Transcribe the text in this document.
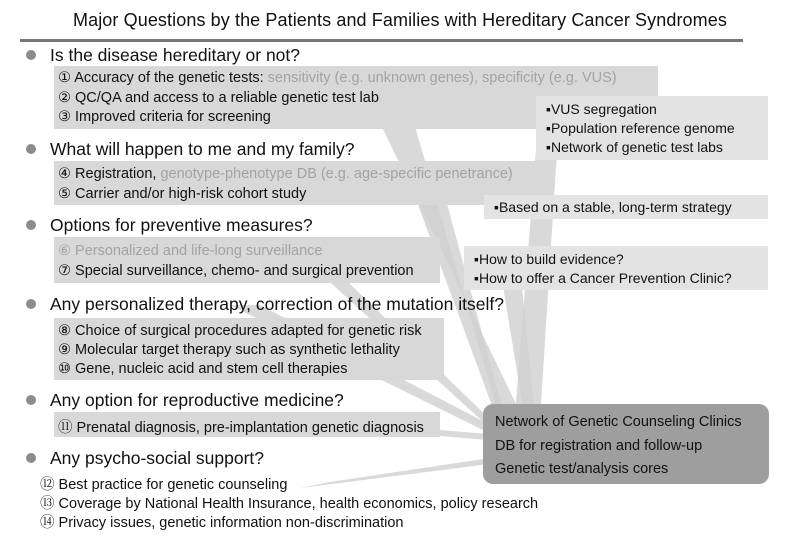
Major Questions by the Patients and Families with Hereditary Cancer Syndromes
Is the disease hereditary or not?
① Accuracy of the genetic tests: sensitivity (e.g. unknown genes), specificity (e.g. VUS)
② QC/QA and access to a reliable genetic test lab
③ Improved criteria for screening	▪VUS segregation
▪Population reference genome
▪Network of genetic test labs
What will happen to me and my family?
④ Registration, genotype-phenotype DB (e.g. age-specific penetrance)
⑤ Carrier and/or high-risk cohort study
▪Based on a stable, long-term strategy
Options for preventive measures?
⑥ Personalized and life-long surveillance
⑦ Special surveillance, chemo- and surgical prevention
▪How to build evidence?
▪How to offer a Cancer Prevention Clinic?
Any personalized therapy, correction of the mutation itself?
⑧ Choice of surgical procedures adapted for genetic risk
⑨ Molecular target therapy such as synthetic lethality
⑩ Gene, nucleic acid and stem cell therapies
Any option for reproductive medicine?
⑪ Prenatal diagnosis, pre-implantation genetic diagnosis
Any psycho-social support?
⑫ Best practice for genetic counseling
⑬ Coverage by National Health Insurance, health economics, policy research
⑭ Privacy issues, genetic information non-discrimination
Network of Genetic Counseling Clinics
DB for registration and follow-up
Genetic test/analysis cores
